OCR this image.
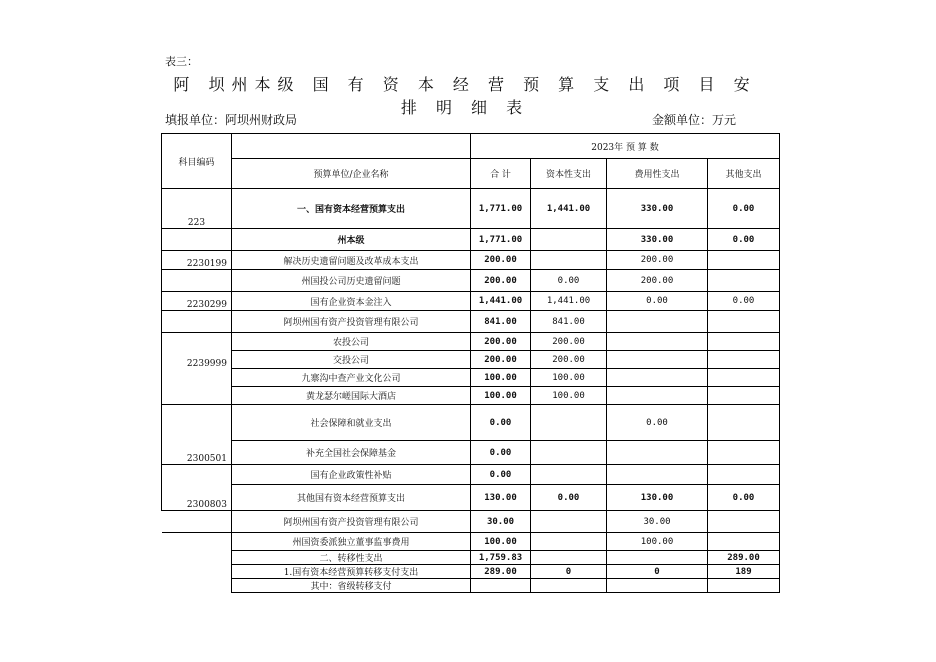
表三：
阿 坝州本级 国 有 资 本 经 营 预 算 支 出 项 目 安 排 明 细 表
填报单位：阿坝州财政局	金额单位：万元
科目编码		2023年 预 算 数			
	预算单位/企业名称	合 计	资本性支出	费用性支出	其他支出
223	一、国有资本经营预算支出	1,771.00	1,441.00	330.00	0.00
	州本级	1,771.00		330.00	0.00
2230199	解决历史遗留问题及改革成本支出	200.00		200.00	
	州国投公司历史遗留问题	200.00	0.00	200.00	
2230299	国有企业资本金注入	1,441.00	1,441.00	0.00	0.00
	阿坝州国有资产投资管理有限公司	841.00	841.00		
2239999	农投公司	200.00	200.00		
	交投公司	200.00	200.00		
	九寨沟中查产业文化公司	100.00	100.00		
	黄龙瑟尔嵯国际大酒店	100.00	100.00		
	社会保障和就业支出	0.00		0.00	
2300501	补充全国社会保障基金	0.00			
	国有企业政策性补贴	0.00			
2300803	其他国有资本经营预算支出	130.00	0.00	130.00	0.00
	阿坝州国有资产投资管理有限公司	30.00		30.00	
	州国资委派独立董事监事费用	100.00		100.00	
	二、转移性支出	1,759.83			289.00
	1.国有资本经营预算转移支付支出	289.00	0	0	189
	其中：省级转移支付				
